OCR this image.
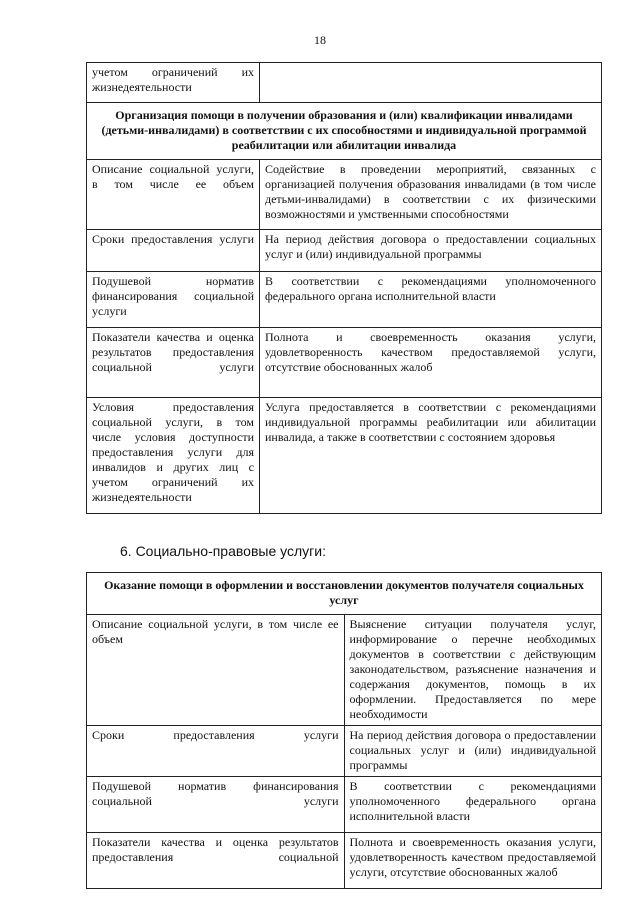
18
учетом ограничений их жизнедеятельности	
Организация помощи в получении образования и (или) квалификации инвалидами (детьми-инвалидами) в соответствии с их способностями и индивидуальной программой реабилитации или абилитации инвалида	
Описание социальной услуги, в том числе ее объем	Содействие в проведении мероприятий, связанных с организацией получения образования инвалидами (в том числе детьми-инвалидами) в соответствии с их физическими возможностями и умственными способностями
Сроки предоставления услуги	На период действия договора о предоставлении социальных услуг и (или) индивидуальной программы
Подушевой норматив финансирования социальной услуги	В соответствии с рекомендациями уполномоченного федерального органа исполнительной власти
Показатели качества и оценка результатов предоставления социальной услуги	Полнота и своевременность оказания услуги, удовлетворенность качеством предоставляемой услуги, отсутствие обоснованных жалоб
Условия предоставления социальной услуги, в том числе условия доступности предоставления услуги для инвалидов и других лиц с учетом ограничений их жизнедеятельности	Услуга предоставляется в соответствии с рекомендациями индивидуальной программы реабилитации или абилитации инвалида, а также в соответствии с состоянием здоровья
6. Социально-правовые услуги:
Оказание помощи в оформлении и восстановлении документов получателя социальных услуг	
Описание социальной услуги, в том числе ее объем	Выяснение ситуации получателя услуг, информирование о перечне необходимых документов в соответствии с действующим законодательством, разъяснение назначения и содержания документов, помощь в их оформлении. Предоставляется по мере необходимости
Сроки предоставления услуги	На период действия договора о предоставлении социальных услуг и (или) индивидуальной программы
Подушевой норматив финансирования социальной услуги	В соответствии с рекомендациями уполномоченного федерального органа исполнительной власти
Показатели качества и оценка результатов предоставления социальной	Полнота и своевременность оказания услуги, удовлетворенность качеством предоставляемой услуги, отсутствие обоснованных жалоб
